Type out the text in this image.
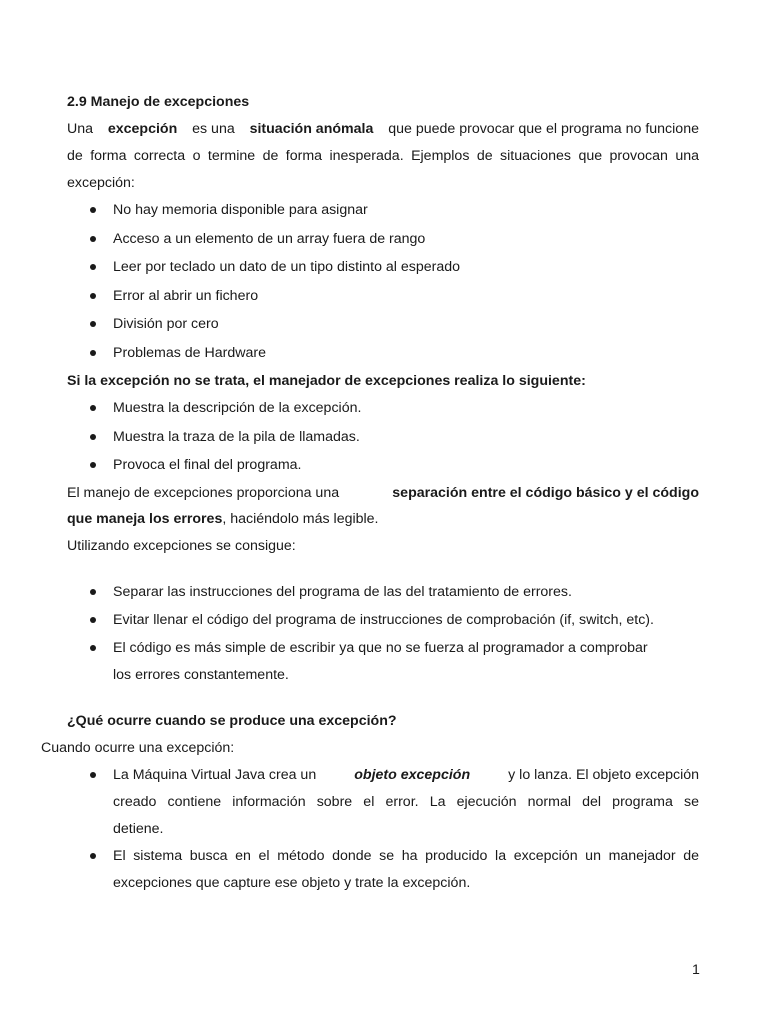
2.9 Manejo de excepciones
Una excepción es una situación anómala que puede provocar que el programa no funcione
de forma correcta o termine de forma inesperada. Ejemplos de situaciones que provocan una
excepción:
No hay memoria disponible para asignar
Acceso a un elemento de un array fuera de rango
Leer por teclado un dato de un tipo distinto al esperado
Error al abrir un fichero
División por cero
Problemas de Hardware
Si la excepción no se trata, el manejador de excepciones realiza lo siguiente:
Muestra la descripción de la excepción.
Muestra la traza de la pila de llamadas.
Provoca el final del programa.
El manejo de excepciones proporciona una	separación entre el código básico y el código
que maneja los errores, haciéndolo más legible.
Utilizando excepciones se consigue:
Separar las instrucciones del programa de las del tratamiento de errores.
Evitar llenar el código del programa de instrucciones de comprobación (if, switch, etc).
El código es más simple de escribir ya que no se fuerza al programador a comprobar
los errores constantemente.
¿Qué ocurre cuando se produce una excepción?
Cuando ocurre una excepción:
La Máquina Virtual Java crea un	objeto excepción	y lo lanza. El objeto excepción
creado contiene información sobre el error. La ejecución normal del programa se
detiene.
El sistema busca en el método donde se ha producido la excepción un manejador de
excepciones que capture ese objeto y trate la excepción.
1
